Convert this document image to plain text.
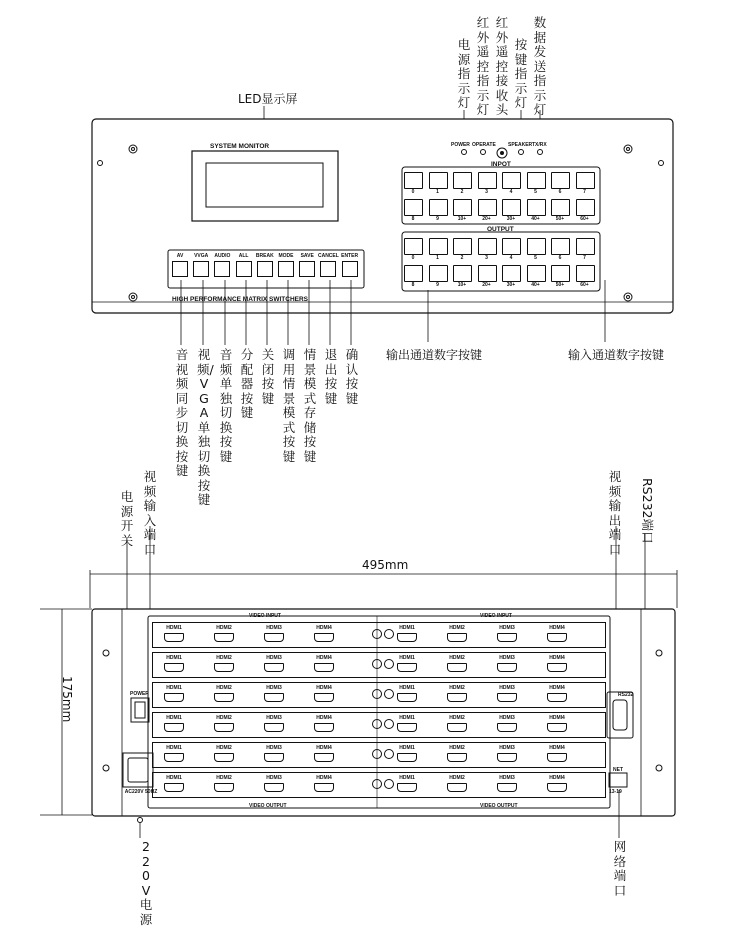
电源指示灯
红外遥控指示灯
红外遥控接收头
按键指示灯
数据发送指示灯
LED显示屏
SYSTEM MONITOR	POWER OPERATE SPEAKER TX/RX
INPOT
OUTPUT
HIGH PERFORMANCE MATRIX SWITCHERS
0	1	2	3	4	5	6	7
8	9	10+	20+	30+	40+	50+	60+
0	1	2	3	4	5	6	7
8	9	10+	20+	30+	40+	50+	60+
AV	VVGA	AUDIO	ALL	BREAK MODE	SAVE CANCEL ENTER
音视频同步切换按键
视频/VGA单独切换按键
音频单独切换按键
分配器按键
关闭按键
调用情景模式按键
情景模式存储按键
退出按键
确认按键
输出通道数字按键	输入通道数字按键
电源开关
视频输入端口
视频输出端口
RS232端口
495mm
175mm	POWER
AC220V 50HZ
VIDEO INPUT	VIDEO INPUT
VIDEO OUTPUT	VIDEO OUTPUT
RS232
NET
13-19
HDMI1	HDMI2	HDMI3	HDMI4	HDMI1	HDMI2	HDMI3	HDMI4
HDMI1	HDMI2	HDMI3	HDMI4	HDMI1	HDMI2	HDMI3	HDMI4
HDMI1	HDMI2	HDMI3	HDMI4	HDMI1	HDMI2	HDMI3	HDMI4
HDMI1	HDMI2	HDMI3	HDMI4	HDMI1	HDMI2	HDMI3	HDMI4
HDMI1	HDMI2	HDMI3	HDMI4	HDMI1	HDMI2	HDMI3	HDMI4
HDMI1	HDMI2	HDMI3	HDMI4	HDMI1	HDMI2	HDMI3	HDMI4
220V电源
网络端口
